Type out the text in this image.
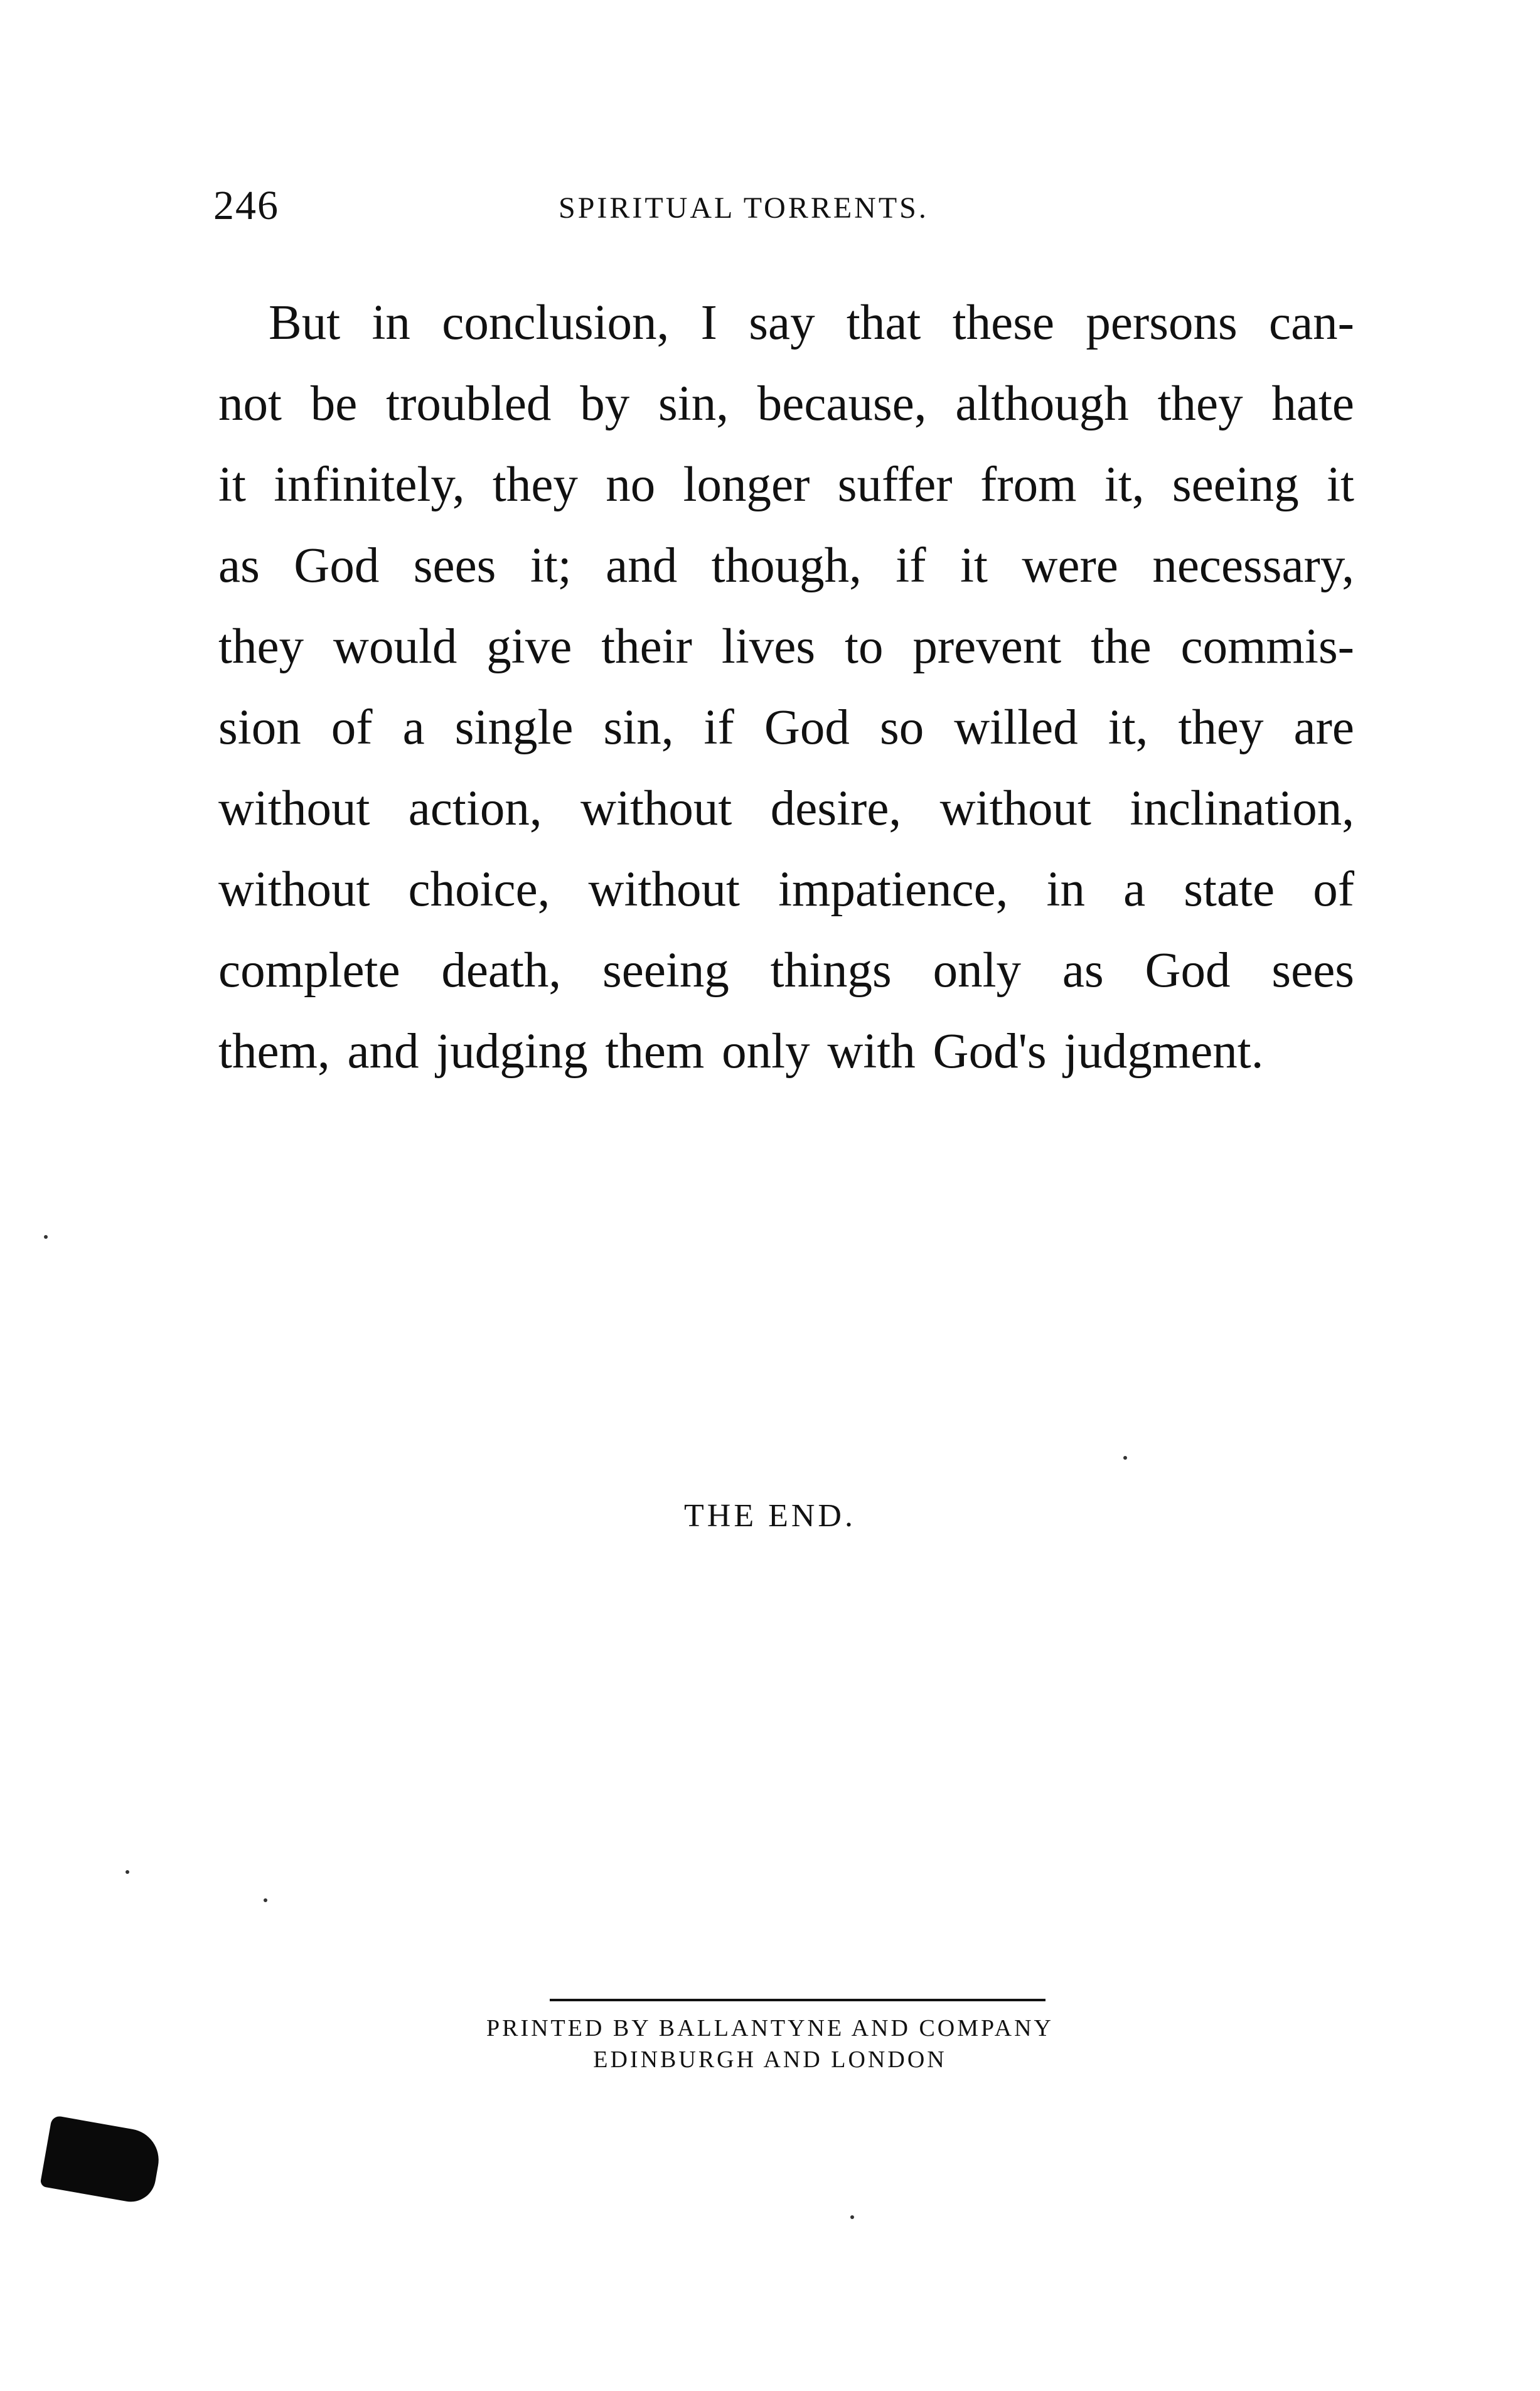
246	SPIRITUAL TORRENTS.
But in conclusion, I say that these persons can-
not be troubled by sin, because, although they hate
it infinitely, they no longer suffer from it, seeing it
as God sees it; and though, if it were necessary,
they would give their lives to prevent the commis-
sion of a single sin, if God so willed it, they are
without action, without desire, without inclination,
without choice, without impatience, in a state of
complete death, seeing things only as God sees
them, and judging them only with God's judgment.
THE END.
PRINTED BY BALLANTYNE AND COMPANY
EDINBURGH AND LONDON
